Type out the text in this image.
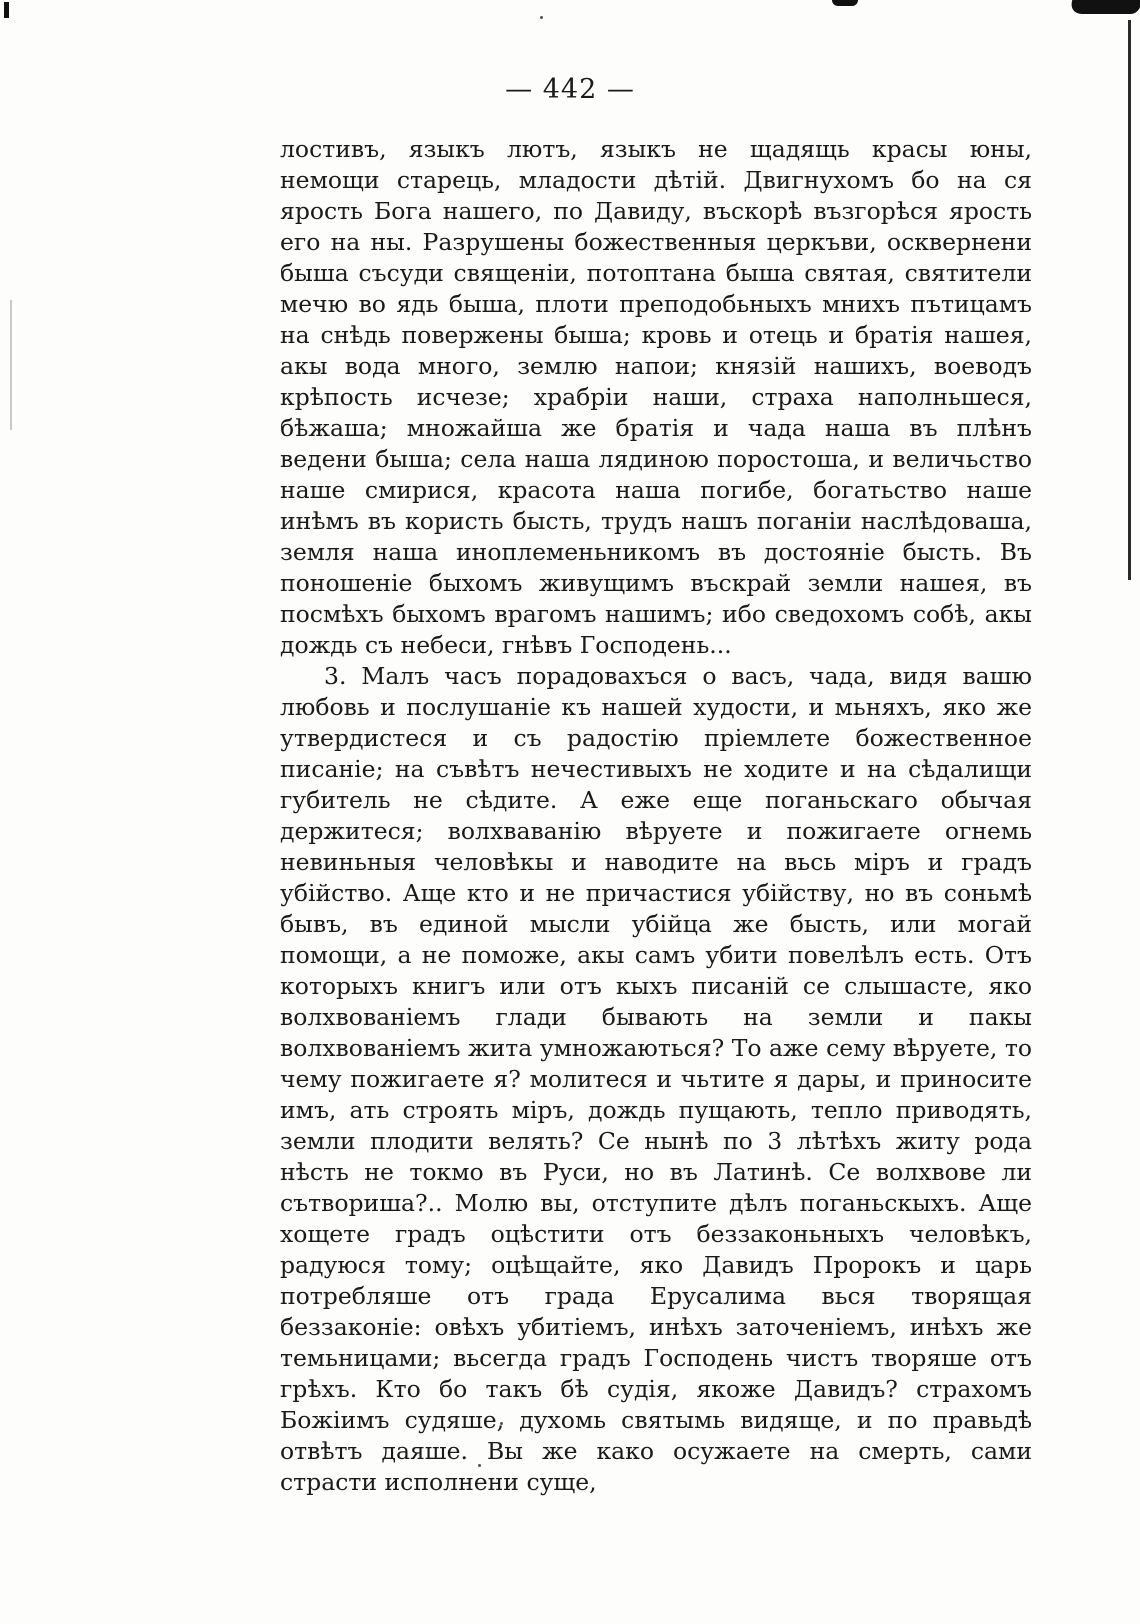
— 442 —

лостивъ, языкъ лютъ, языкъ не щадящь красы юны, немощи старець, младости дѣтій. Двигнухомъ бо на ся ярость Бога нашего, по Давиду, въскорѣ възгорѣся ярость его на ны. Разрушены божественныя церкъви, осквернени быша съсуди священіи, потоптана быша святая, святители мечю во ядь быша, плоти преподобьныхъ мнихъ пътицамъ на снѣдь повержены быша; кровь и отець и братія нашея, акы вода много, землю напои; князій нашихъ, воеводъ крѣпость исчезе; храбріи наши, страха наполньшеся, бѣжаша; множайша же братія и чада наша въ плѣнъ ведени быша; села наша лядиною поростоша, и величьство наше смирися, красота наша погибе, богатьство наше инѣмъ въ користь бысть, трудъ нашъ поганіи наслѣдоваша, земля наша иноплеменьникомъ въ достояніе бысть. Въ поношеніе быхомъ живущимъ въскрай земли нашея, въ посмѣхъ быхомъ врагомъ нашимъ; ибо сведохомъ собѣ, акы дождь съ небеси, гнѣвъ Господень...

3. Малъ часъ порадовахъся о васъ, чада, видя вашю любовь и послушаніе къ нашей худости, и мьняхъ, яко же утвердистеся и съ радостію пріемлете божественное писаніе; на съвѣтъ нечестивыхъ не ходите и на сѣдалищи губитель не сѣдите. А еже еще поганьскаго обычая держитеся; волхваванію вѣруете и пожигаете огнемь невиньныя человѣкы и наводите на вьсь міръ и градъ убійство. Аще кто и не причастися убійству, но въ соньмѣ бывъ, въ единой мысли убійца же бысть, или могай помощи, а не поможе, акы самъ убити повелѣлъ есть. Отъ которыхъ книгъ или отъ кыхъ писаній се слышасте, яко волхвованіемъ глади бывають на земли и пакы волхвованіемъ жита умножаються? То аже сему вѣруете, то чему пожигаете я? молитеся и чьтите я дары, и приносите имъ, ать строять міръ, дождь пущають, тепло приводять, земли плодити велять? Се нынѣ по 3 лѣтѣхъ житу рода нѣсть не токмо въ Руси, но въ Латинѣ. Се волхвове ли сътвориша?.. Молю вы, отступите дѣлъ поганьскыхъ. Аще хощете градъ оцѣстити отъ беззаконьныхъ человѣкъ, радуюся тому; оцѣщайте, яко Давидъ Пророкъ и царь потребляше отъ града Ерусалима вься творящая беззаконіе: овѣхъ убитіемъ, инѣхъ заточеніемъ, инѣхъ же темьницами; вьсегда градъ Господень чистъ творяше отъ грѣхъ. Кто бо такъ бѣ судія, якоже Давидъ? страхомъ Божіимъ судяше, духомь святымь видяще, и по правьдѣ отвѣтъ даяше. Вы же како осужаете на смерть, сами страсти исполнени суще,
